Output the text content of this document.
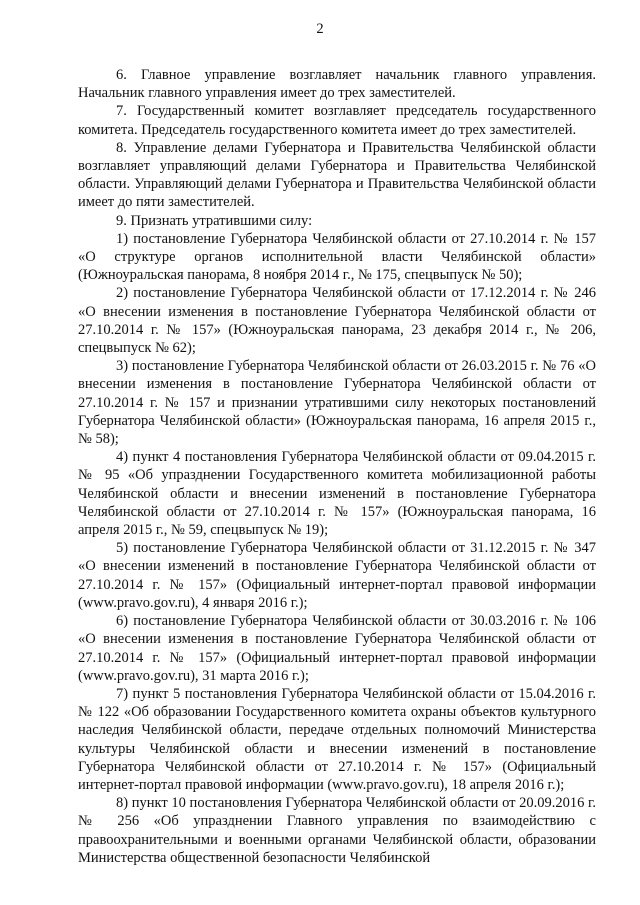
2

6. Главное управление возглавляет начальник главного управления. Начальник главного управления имеет до трех заместителей.

7. Государственный комитет возглавляет председатель государственного комитета. Председатель государственного комитета имеет до трех заместителей.

8. Управление делами Губернатора и Правительства Челябинской области возглавляет управляющий делами Губернатора и Правительства Челябинской области. Управляющий делами Губернатора и Правительства Челябинской области имеет до пяти заместителей.

9. Признать утратившими силу:

1) постановление Губернатора Челябинской области от 27.10.2014 г. № 157 «О структуре органов исполнительной власти Челябинской области» (Южноуральская панорама, 8 ноября 2014 г., № 175, спецвыпуск № 50);

2) постановление Губернатора Челябинской области от 17.12.2014 г. № 246 «О внесении изменения в постановление Губернатора Челябинской области от 27.10.2014 г. № 157» (Южноуральская панорама, 23 декабря 2014 г., № 206, спецвыпуск № 62);

3) постановление Губернатора Челябинской области от 26.03.2015 г. № 76 «О внесении изменения в постановление Губернатора Челябинской области от 27.10.2014 г. № 157 и признании утратившими силу некоторых постановлений Губернатора Челябинской области» (Южноуральская панорама, 16 апреля 2015 г., № 58);

4) пункт 4 постановления Губернатора Челябинской области от 09.04.2015 г. № 95 «Об упразднении Государственного комитета мобилизационной работы Челябинской области и внесении изменений в постановление Губернатора Челябинской области от 27.10.2014 г. № 157» (Южноуральская панорама, 16 апреля 2015 г., № 59, спецвыпуск № 19);

5) постановление Губернатора Челябинской области от 31.12.2015 г. № 347 «О внесении изменений в постановление Губернатора Челябинской области от 27.10.2014 г. № 157» (Официальный интернет-портал правовой информации (www.pravo.gov.ru), 4 января 2016 г.);

6) постановление Губернатора Челябинской области от 30.03.2016 г. № 106 «О внесении изменения в постановление Губернатора Челябинской области от 27.10.2014 г. № 157» (Официальный интернет-портал правовой информации (www.pravo.gov.ru), 31 марта 2016 г.);

7) пункт 5 постановления Губернатора Челябинской области от 15.04.2016 г. № 122 «Об образовании Государственного комитета охраны объектов культурного наследия Челябинской области, передаче отдельных полномочий Министерства культуры Челябинской области и внесении изменений в постановление Губернатора Челябинской области от 27.10.2014 г. № 157» (Официальный интернет-портал правовой информации (www.pravo.gov.ru), 18 апреля 2016 г.);

8) пункт 10 постановления Губернатора Челябинской области от 20.09.2016 г. № 256 «Об упразднении Главного управления по взаимодействию с правоохранительными и военными органами Челябинской области, образовании Министерства общественной безопасности Челябинской
